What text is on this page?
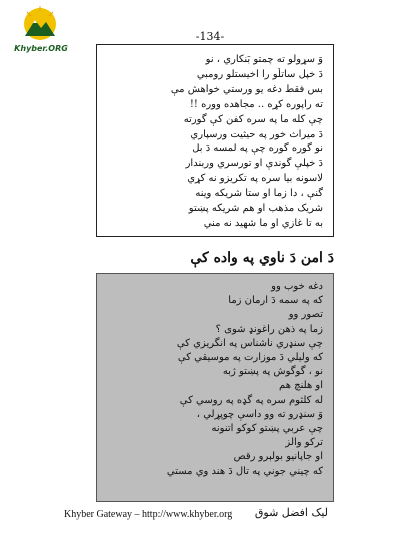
Khyber.ORG
-134-
وَ سړولو ته چمتو بَنکاري ، نو
دَ خپل ساتلُو را اخيستلو رومبي
بس فقط دغه يو ورستي خواهش مې
ته راپوره کړه .. مجاهده ووره !!
چې کله ما په سره کفن کې گورته
دَ ميراث خور په حيثيت ورسپاري
نو گوره گوره چې په لمسه دَ بل
دَ خپلې گوندې او تورسري وربندار
لاسونه بيا سره په تکريزو نه کړي
گنې ، دا زما او ستا شريکه وينه
شريک مذهب او هم شريکه پښتو
به تا غازي او ما شهيد نه مني
دَ امن دَ ناوي په واده کې
دغه خوب وو
که په سمه دَ ارمان زما
تصور وو
زما په ذهن راغونډ شوی ؟
چې سنډري ناشناس په انگريزي کې
که وليلي دَ موزارت په موسيقي کې
نو ، گوگوش په پښتو ژبه
او هلنچ هم
له کلثوم سره په گډه په روسي کې
وَ سنډرو ته وو داسې چوپړلي ،
چې عربي پښتو کوکو اتنونه
ترکو والز
او جاپانيو بولېرو رقص
که چيني جوني په تال دَ هند وي مستي
Khyber Gateway – http://www.khyber.org ليک افضل شوق
